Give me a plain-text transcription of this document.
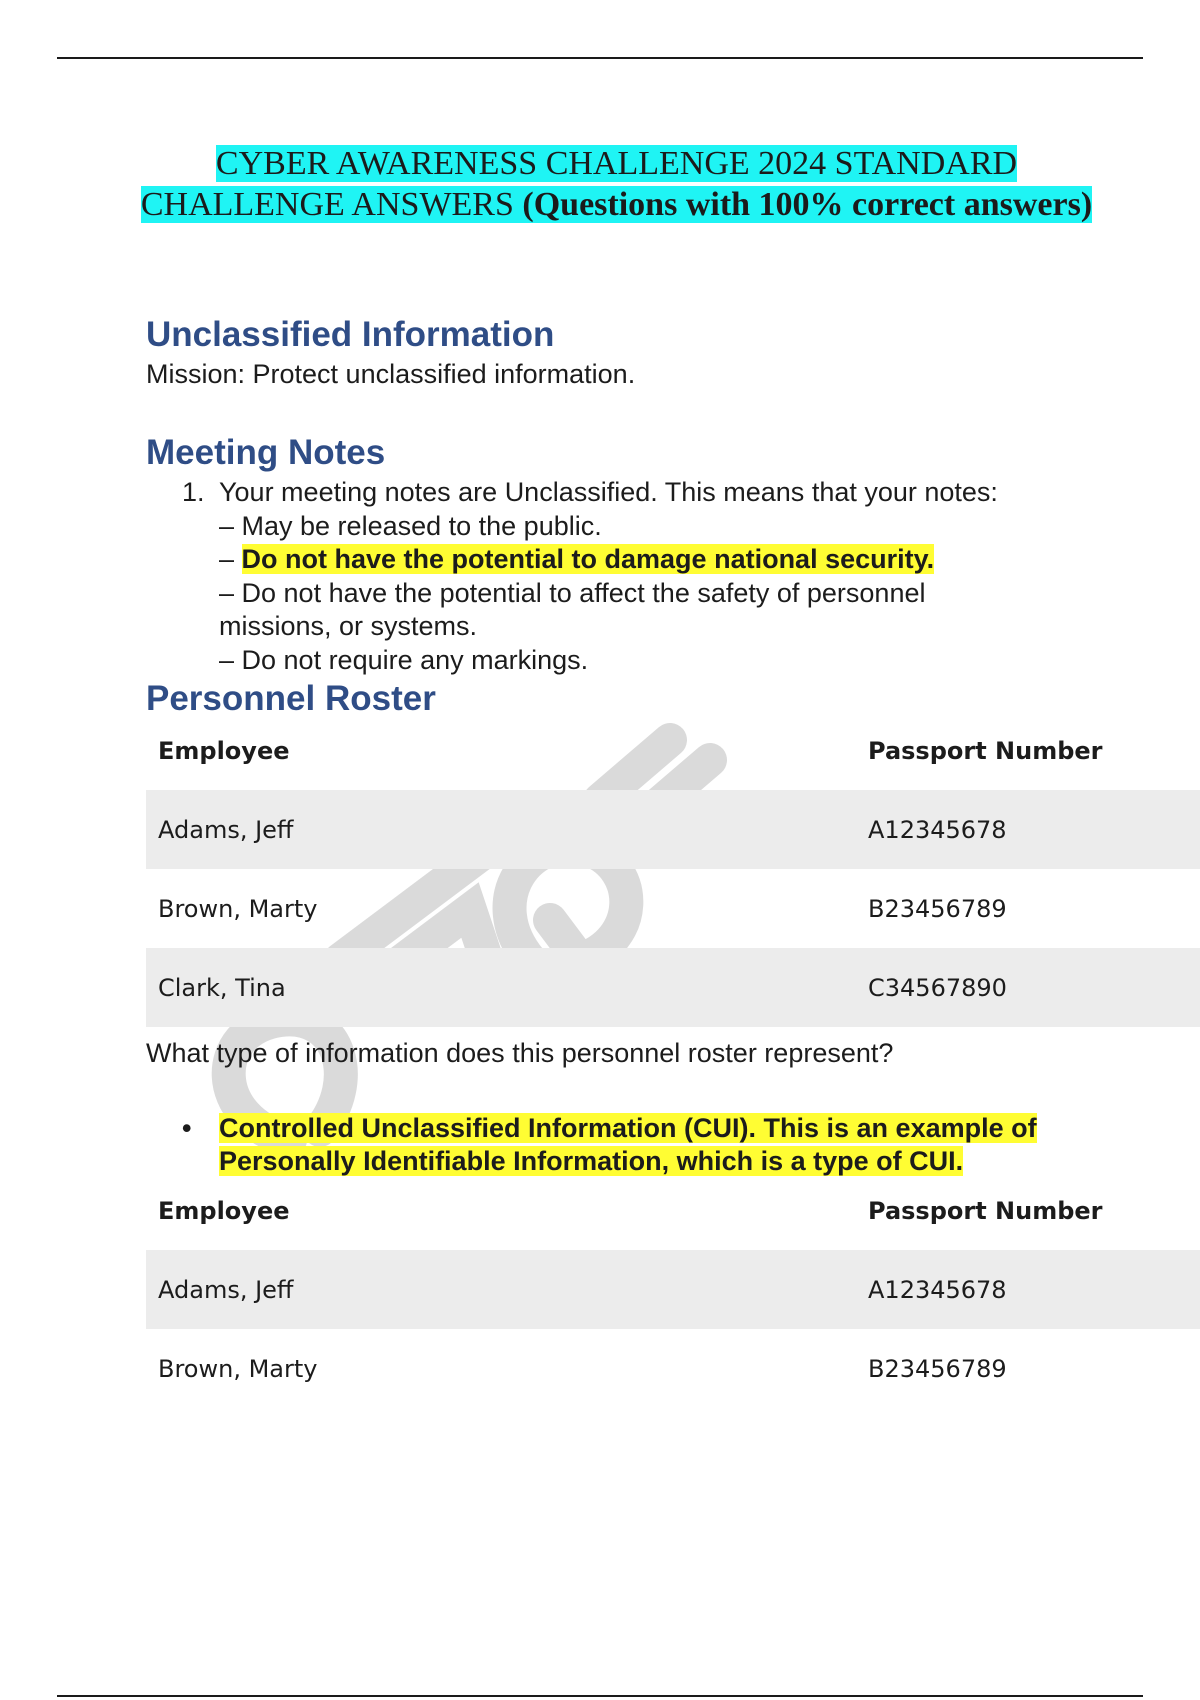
CYBER AWARENESS CHALLENGE 2024 STANDARD CHALLENGE ANSWERS (Questions with 100% correct answers)
Unclassified Information
Mission: Protect unclassified information.
Meeting Notes
1. Your meeting notes are Unclassified. This means that your notes:
– May be released to the public.
– Do not have the potential to damage national security.
– Do not have the potential to affect the safety of personnel missions, or systems.
– Do not require any markings.
Personnel Roster
Employee	Passport Number
Adams, Jeff	A12345678
Brown, Marty	B23456789
Clark, Tina	C34567890
What type of information does this personnel roster represent?
• Controlled Unclassified Information (CUI). This is an example of Personally Identifiable Information, which is a type of CUI.
Employee	Passport Number
Adams, Jeff	A12345678
Brown, Marty	B23456789
